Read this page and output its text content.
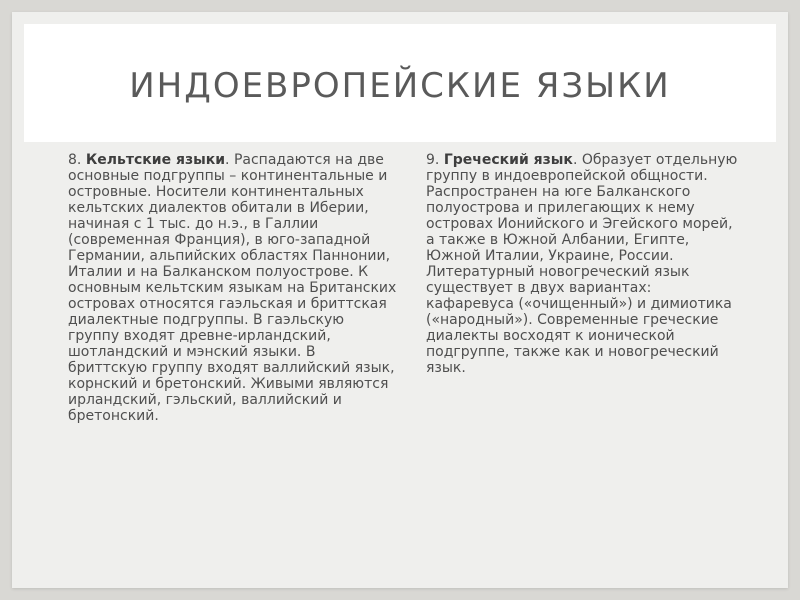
ИНДОЕВРОПЕЙСКИЕ ЯЗЫКИ

8. Кельтские языки. Распадаются на две основные подгруппы – континентальные и островные. Носители континентальных кельтских диалектов обитали в Иберии, начиная с 1 тыс. до н.э., в Галлии (современная Франция), в юго-западной Германии, альпийских областях Паннонии, Италии и на Балканском полуострове. К основным кельтским языкам на Британских островах относятся гаэльская и бриттская диалектные подгруппы. В гаэльскую группу входят древне-ирландский, шотландский и мэнский языки. В бриттскую группу входят валлийский язык, корнский и бретонский. Живыми являются ирландский, гэльский, валлийский и бретонский.

9. Греческий язык. Образует отдельную группу в индоевропейской общности. Распространен на юге Балканского полуострова и прилегающих к нему островах Ионийского и Эгейского морей, а также в Южной Албании, Египте, Южной Италии, Украине, России. Литературный новогреческий язык существует в двух вариантах: кафаревуса («очищенный») и димиотика («народный»). Современные греческие диалекты восходят к ионической подгруппе, также как и новогреческий язык.
